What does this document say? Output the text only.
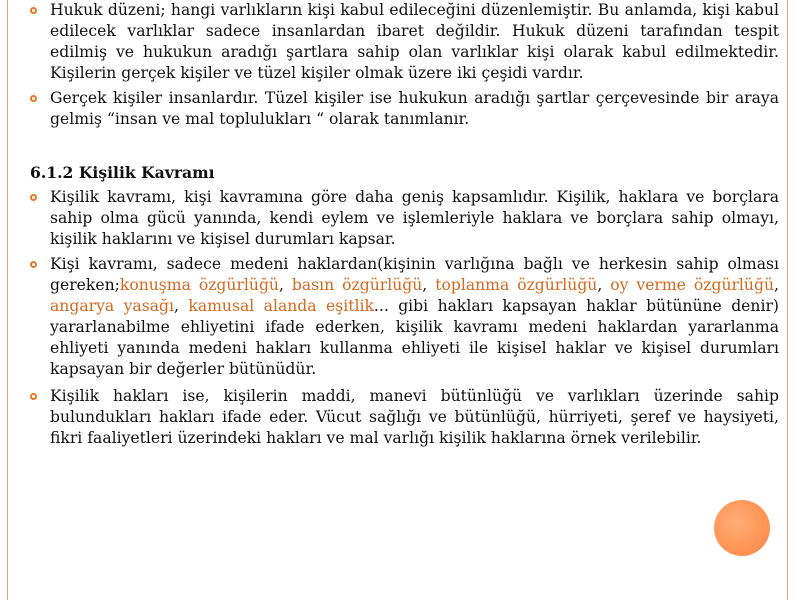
Hukuk düzeni; hangi varlıkların kişi kabul edileceğini düzenlemiştir. Bu anlamda, kişi kabul edilecek varlıklar sadece insanlardan ibaret değildir. Hukuk düzeni tarafından tespit edilmiş ve hukukun aradığı şartlara sahip olan varlıklar kişi olarak kabul edilmektedir. Kişilerin gerçek kişiler ve tüzel kişiler olmak üzere iki çeşidi vardır.

Gerçek kişiler insanlardır. Tüzel kişiler ise hukukun aradığı şartlar çerçevesinde bir araya gelmiş “insan ve mal toplulukları “ olarak tanımlanır.

6.1.2 Kişilik Kavramı

Kişilik kavramı, kişi kavramına göre daha geniş kapsamlıdır. Kişilik, haklara ve borçlara sahip olma gücü yanında, kendi eylem ve işlemleriyle haklara ve borçlara sahip olmayı, kişilik haklarını ve kişisel durumları kapsar.

Kişi kavramı, sadece medeni haklardan(kişinin varlığına bağlı ve herkesin sahip olması gereken;konuşma özgürlüğü, basın özgürlüğü, toplanma özgürlüğü, oy verme özgürlüğü, angarya yasağı, kamusal alanda eşitlik... gibi hakları kapsayan haklar bütününe denir) yararlanabilme ehliyetini ifade ederken, kişilik kavramı medeni haklardan yararlanma ehliyeti yanında medeni hakları kullanma ehliyeti ile kişisel haklar ve kişisel durumları kapsayan bir değerler bütünüdür.

Kişilik hakları ise, kişilerin maddi, manevi bütünlüğü ve varlıkları üzerinde sahip bulundukları hakları ifade eder. Vücut sağlığı ve bütünlüğü, hürriyeti, şeref ve haysiyeti, fikri faaliyetleri üzerindeki hakları ve mal varlığı kişilik haklarına örnek verilebilir.
